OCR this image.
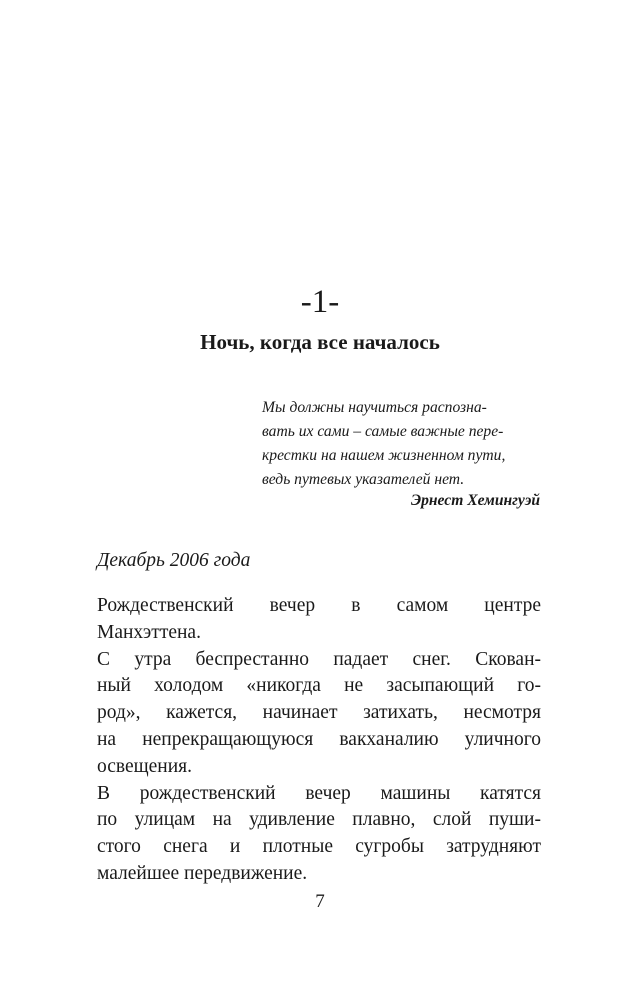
-1-
Ночь, когда все началось
Мы должны научиться распозна-
вать их сами – самые важные пере-
крестки на нашем жизненном пути,
ведь путевых указателей нет.
Эрнест Хемингуэй
Декабрь 2006 года
Рождественский вечер в самом центре
Манхэттена.
С утра беспрестанно падает снег. Скован-
ный холодом «никогда не засыпающий го-
род», кажется, начинает затихать, несмотря
на непрекращающуюся вакханалию уличного
освещения.
В рождественский вечер машины катятся
по улицам на удивление плавно, слой пуши-
стого снега и плотные сугробы затрудняют
малейшее передвижение.
7
